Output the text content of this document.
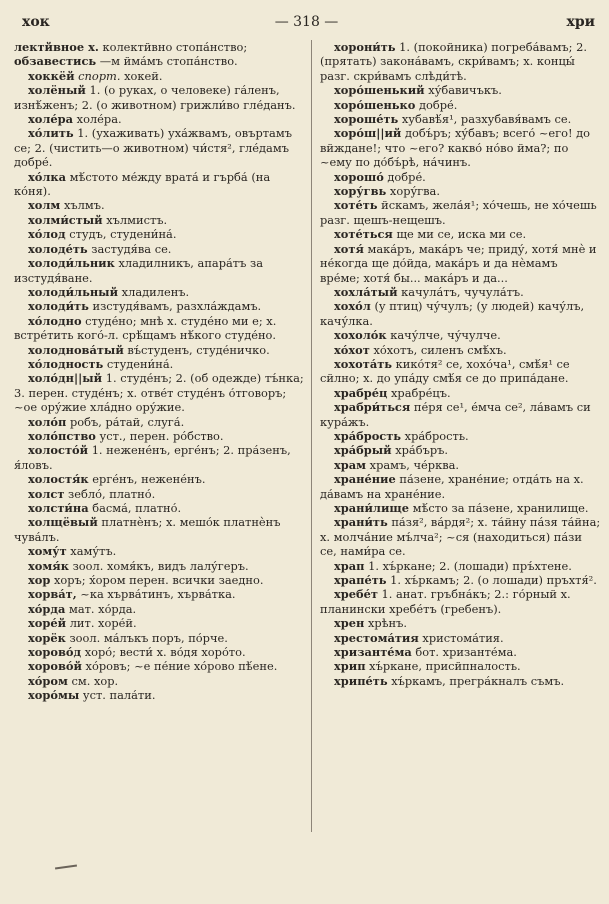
хок	— 318 —	хри

лектйвное х. колектйвно стопа́нство;

обзавестись —м йма́мъ стопа́нство.

хоккёй спорт. хокей.

холёный 1. (о руках, о человеке) га́ленъ, изнѣ́женъ; 2. (о животном) грижли́во гле́данъ.

холе́ра холе́ра.

хо́лить 1. (ухаживать) уха́жвамъ, овъртамъ се; 2. (чистить—о животном) чи́стя², гле́дамъ добре́.

хо́лка мѣ́стото ме́жду врата́ и гърба́ (на ко́ня).

холм хълмъ.

холми́стый хълмистъ.

хо́лод студъ, студени́на́.

холоде́ть застудя́ва се.

холоди́льник хладилникъ, апара́тъ за изстудя́ване.

холоди́льный хладиленъ.

холоди́ть изстудя́вамъ, разхла́ждамъ.

хо́лодно студе́но; мнѣ х. студе́но ми е; х. встре́тить кого́-л. срѣ́щамъ нѣ́кого студе́но.

холоднова́тый въ́студенъ, студе́ничко.

хо́лодность студени́на́.

холо́дн||ый 1. студе́нъ; 2. (об одежде) тъ́нка; 3. перен. студе́нъ; х. отве́т студе́нъ о́тговоръ; ~ое ору́жие хла́дно ору́жие.

холо́п робъ, ра́тай, слуга́.

холо́пство уст., перен. ро́бство.

холосто́й 1. нежене́нъ, ерге́нъ; 2. пра́зенъ, я́ловъ.

холостя́к ерге́нъ, нежене́нъ.

холст зебло́, платно́.

холсти́на басма́, платно́.

холщёвый платнѐнъ; х. мешо́к платнѐнъ чува́лъ.

хому́т хаму́тъ.

хомя́к зоол. хомя́къ, видъ лалу́геръ.

хор хоръ; х́ором перен. всички заедно.

хорва́т, ~ка хърва́тинъ, хърва́тка.

хо́рда мат. хо́рда.

хоре́й лит. хоре́й.

хорёк зоол. ма́лъкъ поръ, по́рче.

хорово́д хоро́; вести́ х. во́дя хоро́то.

хорово́й хо́ровъ; ~е пе́ние хо́рово пѣ́ене.

хо́ром см. хор.

хоро́мы уст. пала́ти.

хорони́ть 1. (покойника) погреба́вамъ; 2. (прятать) закона́вамъ, скри́вамъ; х. концы́ разг. скри́вамъ слѣди́тѣ.

хоро́шенький ху́бавичъкъ.

хоро́шенько добре́.

хороше́ть хубавѣ́я¹, разхубавя́вамъ се.

хоро́ш||ий добъ́ръ; ху́бавъ; всего́ ~его! до вйждане!; что ~его? какво́ но́во йма?; по ~ему по до́бъ́рѣ, на́чинъ.

хорошо́ добре́.

хору́гвь хору́гва.

хоте́ть йскамъ, жела́я¹; хо́чешь, не хо́чешь разг. щешъ-нещешъ.

хоте́ться ще ми се, иска ми се.

хотя́ мака́ръ, мака́ръ че; приду́, хотя́ мнѐ и не́когда ще до́йда, мака́ръ и да нѐмамъ вре́ме; хотя́ бы... мака́ръ и да...

хохла́тый качула́тъ, чучула́тъ.

хохо́л (у птиц) чу́чулъ; (у людей) качу́лъ, качу́лка.

хохоло́к качу́лче, чу́чулче.

хо́хот хо́хотъ, силенъ смѣ́хъ.

хохота́ть кико́тя² се, хохо́ча¹, смѣ́я¹ се сйлно; х. до упа́ду смѣ́я се до припа́дане.

храбре́ц храбре́цъ.

храбри́ться пе́ря се¹, е́мча се², ла́вамъ си кура́жъ.

хра́брость хра́брость.

хра́брый хра́бъръ.

храм храмъ, че́рква.

хране́ние па́зене, хране́ние; отда́ть на х. да́вамъ на хране́ние.

храни́лище мѣ́сто за па́зене, хранилище.

храни́ть па́зя², ва́рдя²; х. та́йну па́зя та́йна; х. молча́ние мъ́лча²; ~ся (находиться) па́зи се, нами́ра се.

храп 1. хъ́ркане; 2. (лошади) пръ́хтене.

храпе́ть 1. хъ́ркамъ; 2. (о лошади) пръхтя́².

хребе́т 1. анат. гръбна́къ; 2.: го́рный х. планински хребе́тъ (гребенъ).

хрен хрѣнъ.

хрестома́тия христома́тия.

хризанте́ма бот. хризанте́ма.

хрип хъ́ркане, присйпналость.

хрипе́ть хъ́ркамъ, прегра́кналъ съмъ.
